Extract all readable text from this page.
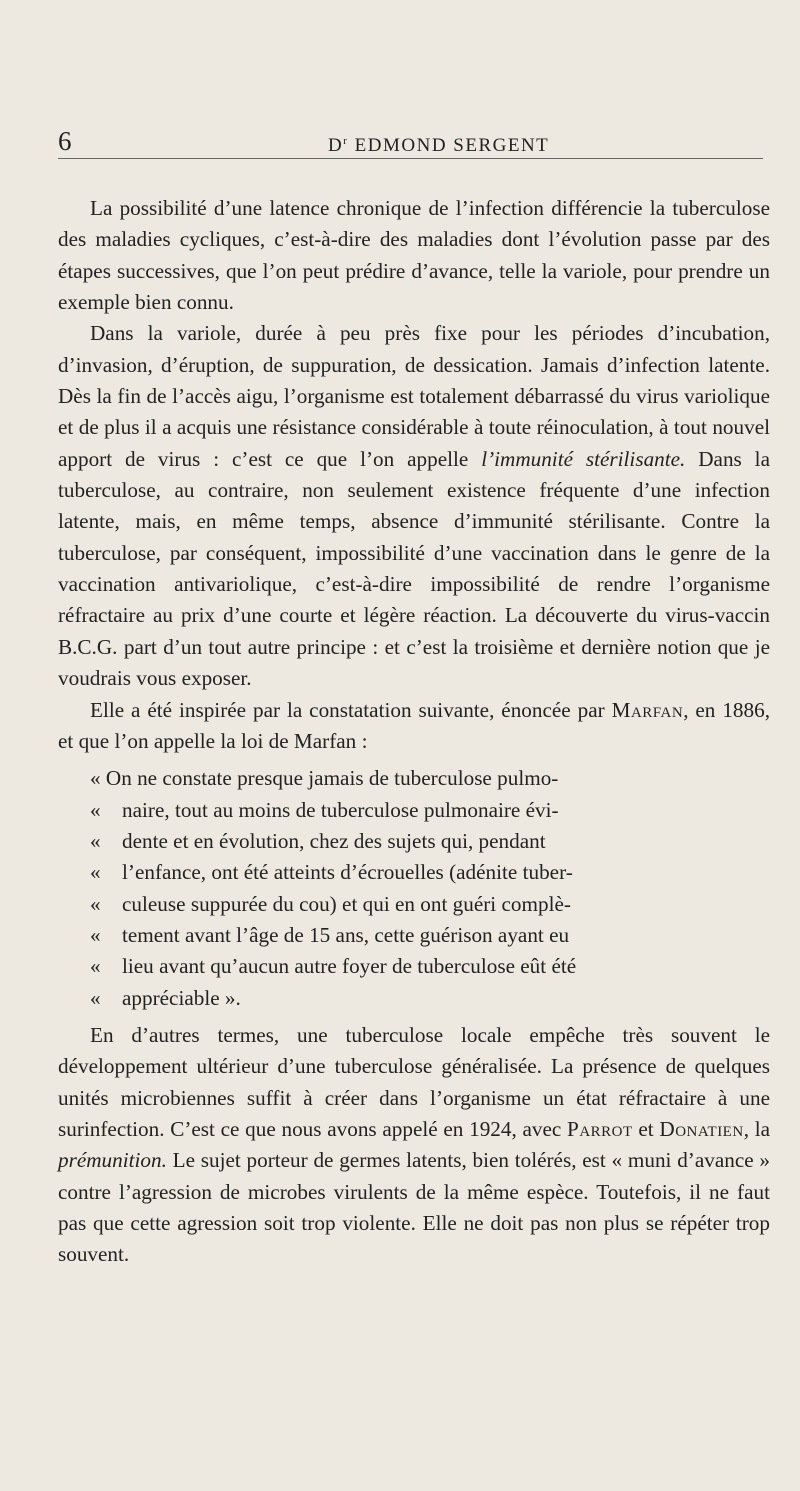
6	$D^r$ EDMOND SERGENT

La possibilité d’une latence chronique de l’infection différencie la tuberculose des maladies cycliques, c’est-à-dire des maladies dont l’évolution passe par des étapes successives, que l’on peut prédire d’avance, telle la variole, pour prendre un exemple bien connu.

Dans la variole, durée à peu près fixe pour les périodes d’incubation, d’invasion, d’éruption, de suppuration, de dessication. Jamais d’infection latente. Dès la fin de l’accès aigu, l’organisme est totalement débarrassé du virus variolique et de plus il a acquis une résistance considérable à toute réinoculation, à tout nouvel apport de virus : c’est ce que l’on appelle l’immunité stérilisante. Dans la tuberculose, au contraire, non seulement existence fréquente d’une infection latente, mais, en même temps, absence d’immunité stérilisante. Contre la tuberculose, par conséquent, impossibilité d’une vaccination dans le genre de la vaccination antivariolique, c’est-à-dire impossibilité de rendre l’organisme réfractaire au prix d’une courte et légère réaction. La découverte du virus-vaccin B.C.G. part d’un tout autre principe : et c’est la troisième et dernière notion que je voudrais vous exposer.

Elle a été inspirée par la constatation suivante, énoncée par Marfan, en 1886, et que l’on appelle la loi de Marfan :

« On ne constate presque jamais de tuberculose pulmo-
« naire, tout au moins de tuberculose pulmonaire évi-
« dente et en évolution, chez des sujets qui, pendant
« l’enfance, ont été atteints d’écrouelles (adénite tuber-
« culeuse suppurée du cou) et qui en ont guéri complè-
« tement avant l’âge de 15 ans, cette guérison ayant eu
« lieu avant qu’aucun autre foyer de tuberculose eût été
« appréciable ».

En d’autres termes, une tuberculose locale empêche très souvent le développement ultérieur d’une tuberculose généralisée. La présence de quelques unités microbiennes suffit à créer dans l’organisme un état réfractaire à une surinfection. C’est ce que nous avons appelé en 1924, avec Parrot et Donatien, la prémunition. Le sujet porteur de germes latents, bien tolérés, est « muni d’avance » contre l’agression de microbes virulents de la même espèce. Toutefois, il ne faut pas que cette agression soit trop violente. Elle ne doit pas non plus se répéter trop souvent.
